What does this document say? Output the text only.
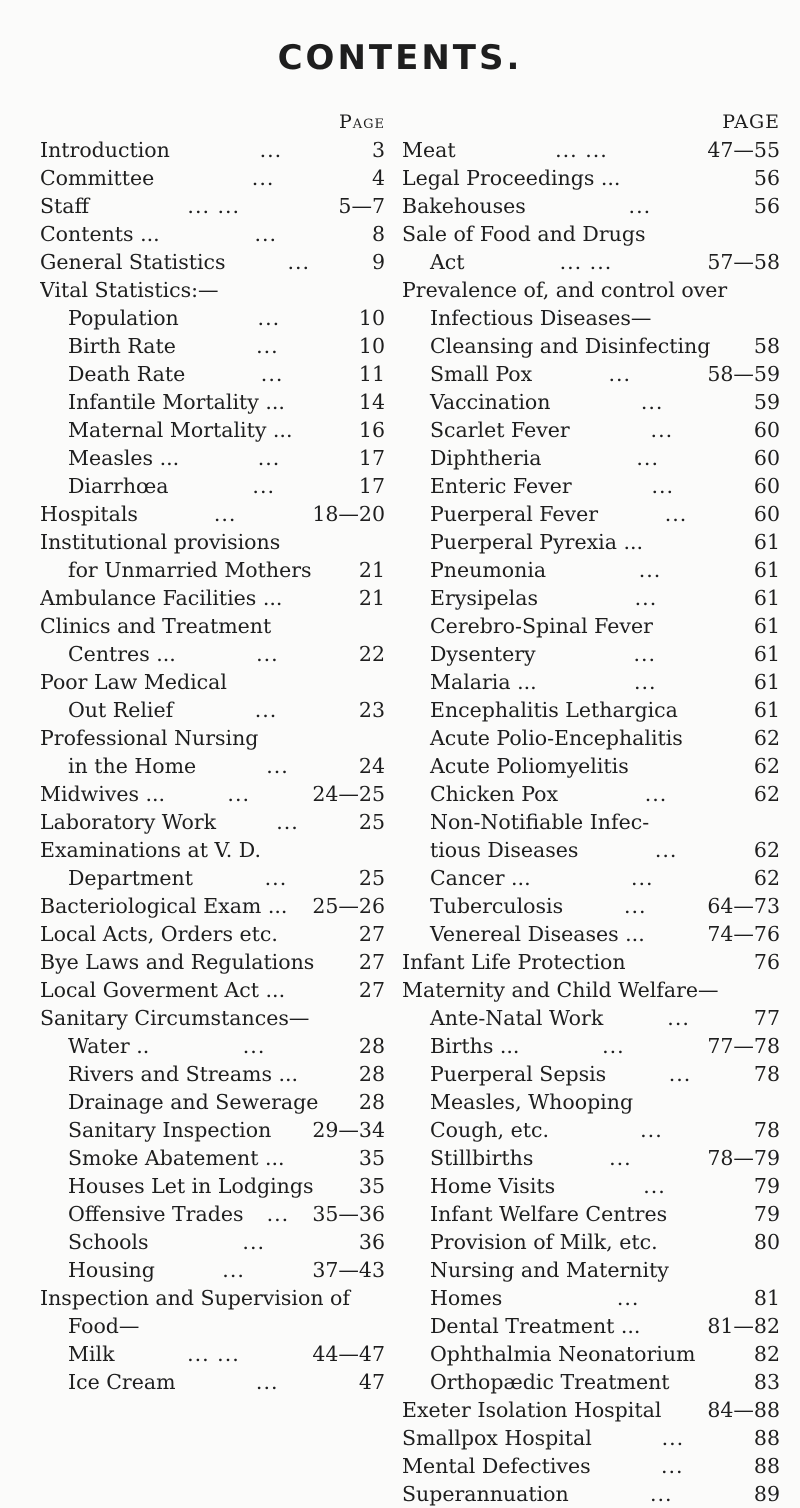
CONTENTS.
Page
Introduction	...	3
Committee	...	4
Staff	... ...	5—7
Contents ...	...	8
General Statistics	...	9
Vital Statistics:—
Population	...	10
Birth Rate	...	10
Death Rate	...	11
Infantile Mortality ...	14
Maternal Mortality ...	16
Measles ...	...	17
Diarrhœa	...	17
Hospitals	...	18—20
Institutional provisions
for Unmarried Mothers 21
Ambulance Facilities ...	21
Clinics and Treatment
Centres ...	...	22
Poor Law Medical
Out Relief	...	23
Professional Nursing
in the Home	...	24
Midwives ...	...	24—25
Laboratory Work	...	25
Examinations at V. D.
Department	...	25
Bacteriological Exam ... 25—26
Local Acts, Orders etc.	27
Bye Laws and Regulations 27
Local Goverment Act ...	27
Sanitary Circumstances—
Water ..	...	28
Rivers and Streams ...	28
Drainage and Sewerage 28
Sanitary Inspection 29—34
Smoke Abatement ...	35
Houses Let in Lodgings 35
Offensive Trades	...	35—36
Schools	...	36
Housing	...	37—43
Inspection and Supervision of
Food—
Milk	... ...	44—47
Ice Cream	...	47
PAGE
Meat	... ...	47—55
Legal Proceedings ...	56
Bakehouses	...	56
Sale of Food and Drugs
Act	... ...	57—58
Prevalence of, and control over
Infectious Diseases—
Cleansing and Disinfecting 58
Small Pox	...	58—59
Vaccination	...	59
Scarlet Fever	...	60
Diphtheria	...	60
Enteric Fever	...	60
Puerperal Fever	...	60
Puerperal Pyrexia ...	61
Pneumonia	...	61
Erysipelas	...	61
Cerebro-Spinal Fever	61
Dysentery	...	61
Malaria ...	...	61
Encephalitis Lethargica	61
Acute Polio-Encephalitis	62
Acute Poliomyelitis	62
Chicken Pox	...	62
Non-Notifiable Infec-
tious Diseases	...	62
Cancer ...	...	62
Tuberculosis	...	64—73
Venereal Diseases ...	74—76
Infant Life Protection	76
Maternity and Child Welfare—
Ante-Natal Work	...	77
Births ...	...	77—78
Puerperal Sepsis	...	78
Measles, Whooping
Cough, etc.	...	78
Stillbirths	...	78—79
Home Visits	...	79
Infant Welfare Centres	79
Provision of Milk, etc.	80
Nursing and Maternity
Homes	...	81
Dental Treatment ...	81—82
Ophthalmia Neonatorium	82
Orthopædic Treatment	83
Exeter Isolation Hospital 84—88
Smallpox Hospital	...	88
Mental Defectives	...	88
Superannuation	...	89
